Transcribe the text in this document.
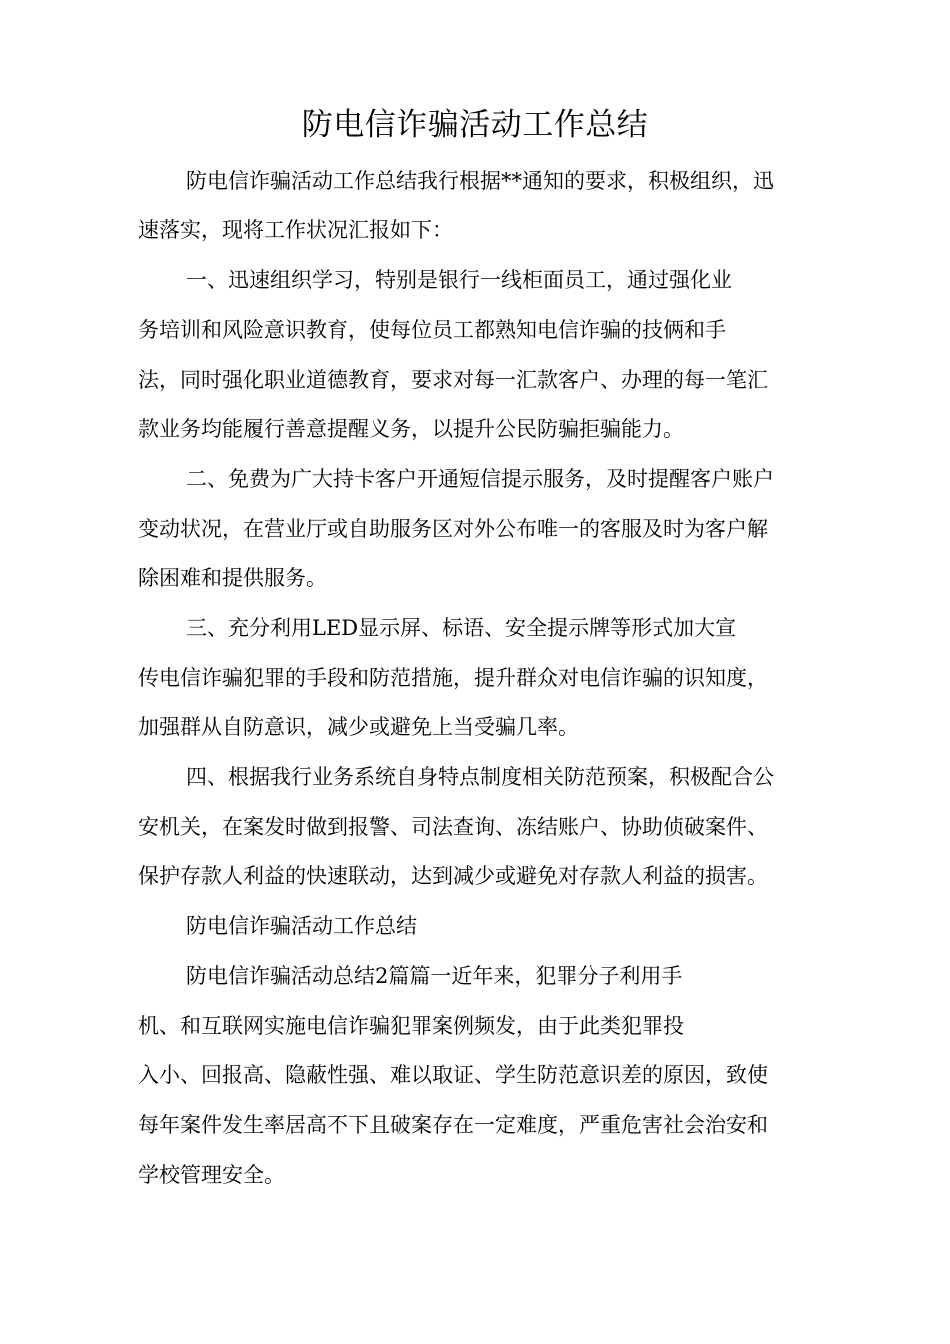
防电信诈骗活动工作总结
防电信诈骗活动工作总结我行根据**通知的要求，积极组织，迅
速落实，现将工作状况汇报如下：
一、迅速组织学习，特别是银行一线柜面员工，通过强化业
务培训和风险意识教育，使每位员工都熟知电信诈骗的技俩和手
法，同时强化职业道德教育，要求对每一汇款客户、办理的每一笔汇
款业务均能履行善意提醒义务，以提升公民防骗拒骗能力。
二、免费为广大持卡客户开通短信提示服务，及时提醒客户账户
变动状况，在营业厅或自助服务区对外公布唯一的客服及时为客户解
除困难和提供服务。
三、充分利用LED显示屏、标语、安全提示牌等形式加大宣
传电信诈骗犯罪的手段和防范措施，提升群众对电信诈骗的识知度，
加强群从自防意识，减少或避免上当受骗几率。
四、根据我行业务系统自身特点制度相关防范预案，积极配合公
安机关，在案发时做到报警、司法查询、冻结账户、协助侦破案件、
保护存款人利益的快速联动，达到减少或避免对存款人利益的损害。
防电信诈骗活动工作总结
防电信诈骗活动总结2篇篇一近年来，犯罪分子利用手
机、和互联网实施电信诈骗犯罪案例频发，由于此类犯罪投
入小、回报高、隐蔽性强、难以取证、学生防范意识差的原因，致使
每年案件发生率居高不下且破案存在一定难度，严重危害社会治安和
学校管理安全。
